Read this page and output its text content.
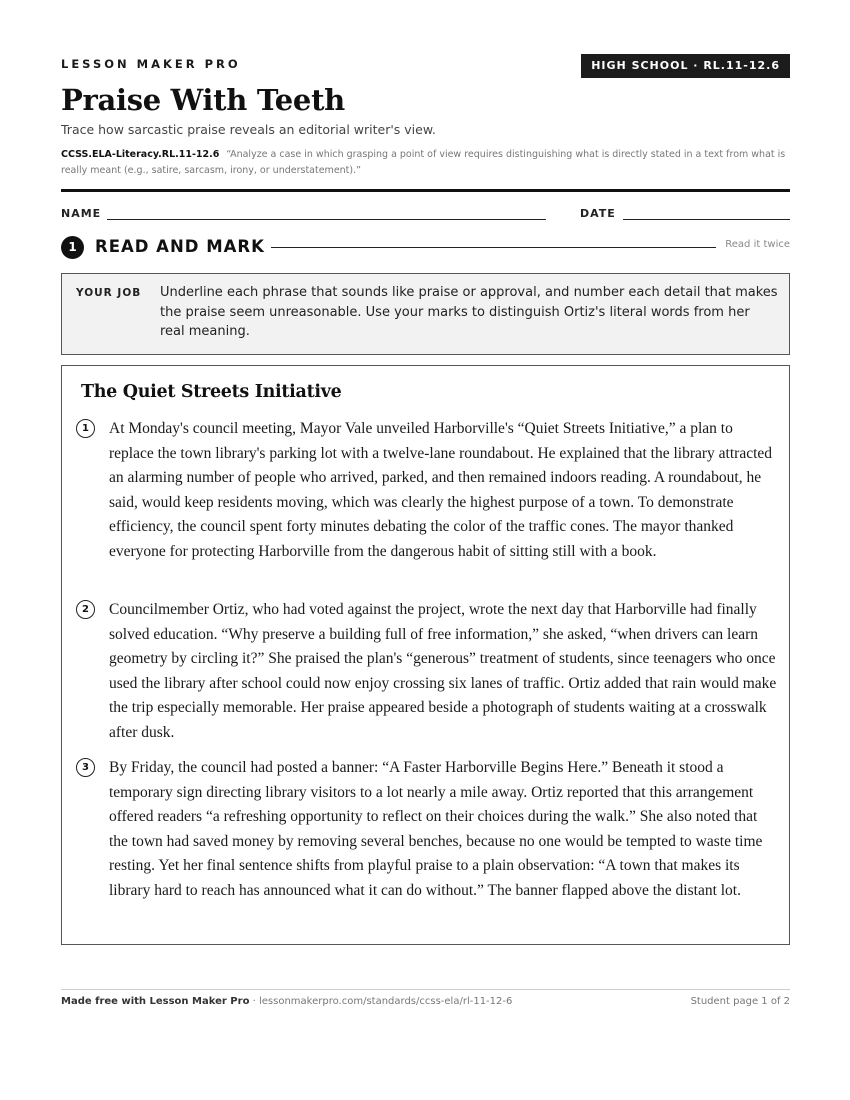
LESSON MAKER PRO	HIGH SCHOOL · RL.11-12.6
Praise With Teeth
Trace how sarcastic praise reveals an editorial writer's view.
CCSS.ELA-Literacy.RL.11-12.6 “Analyze a case in which grasping a point of view requires distinguishing what is directly stated in a text from what is really meant (e.g., satire, sarcasm, irony, or understatement).”
NAME	DATE
1	READ AND MARK	Read it twice
YOUR JOB Underline each phrase that sounds like praise or approval, and number each detail that makes the praise seem unreasonable. Use your marks to distinguish Ortiz's literal words from her real meaning.
The Quiet Streets Initiative
1	At Monday's council meeting, Mayor Vale unveiled Harborville's “Quiet Streets Initiative,” a plan to replace the town library's parking lot with a twelve-lane roundabout. He explained that the library attracted an alarming number of people who arrived, parked, and then remained indoors reading. A roundabout, he said, would keep residents moving, which was clearly the highest purpose of a town. To demonstrate efficiency, the council spent forty minutes debating the color of the traffic cones. The mayor thanked everyone for protecting Harborville from the dangerous habit of sitting still with a book.
2	Councilmember Ortiz, who had voted against the project, wrote the next day that Harborville had finally solved education. “Why preserve a building full of free information,” she asked, “when drivers can learn geometry by circling it?” She praised the plan's “generous” treatment of students, since teenagers who once used the library after school could now enjoy crossing six lanes of traffic. Ortiz added that rain would make the trip especially memorable. Her praise appeared beside a photograph of students waiting at a crosswalk after dusk.
3	By Friday, the council had posted a banner: “A Faster Harborville Begins Here.” Beneath it stood a temporary sign directing library visitors to a lot nearly a mile away. Ortiz reported that this arrangement offered readers “a refreshing opportunity to reflect on their choices during the walk.” She also noted that the town had saved money by removing several benches, because no one would be tempted to waste time resting. Yet her final sentence shifts from playful praise to a plain observation: “A town that makes its library hard to reach has announced what it can do without.” The banner flapped above the distant lot.
Made free with Lesson Maker Pro · lessonmakerpro.com/standards/ccss-ela/rl-11-12-6	Student page 1 of 2
